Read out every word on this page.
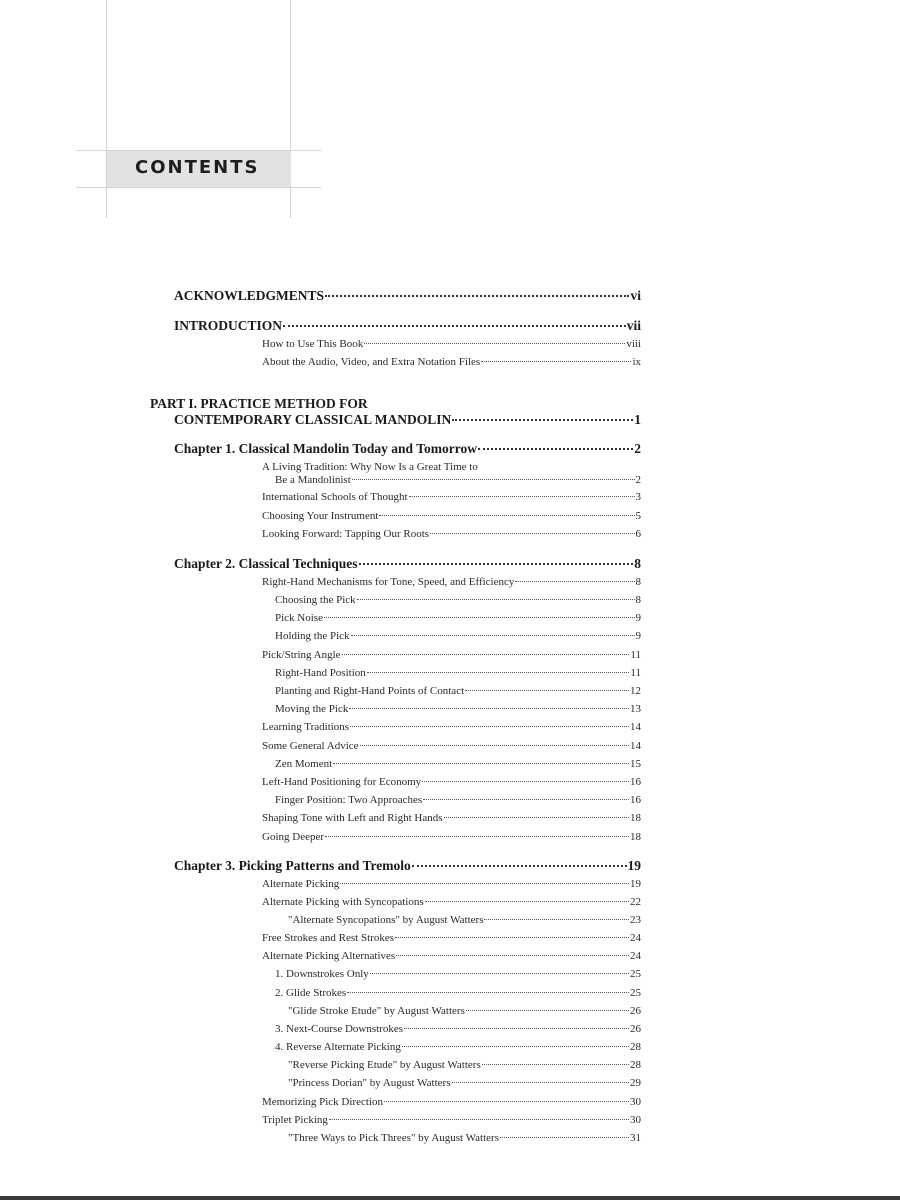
CONTENTS
ACKNOWLEDGMENTS	vi
INTRODUCTION	vii
How to Use This Book	viii
About the Audio, Video, and Extra Notation Files	ix
PART I. PRACTICE METHOD FOR
CONTEMPORARY CLASSICAL MANDOLIN	1
Chapter 1. Classical Mandolin Today and Tomorrow	2
A Living Tradition: Why Now Is a Great Time to
Be a Mandolinist	2
International Schools of Thought	3
Choosing Your Instrument	5
Looking Forward: Tapping Our Roots	6
Chapter 2. Classical Techniques	8
Right-Hand Mechanisms for Tone, Speed, and Efficiency	8
Choosing the Pick	8
Pick Noise	9
Holding the Pick	9
Pick/String Angle	11
Right-Hand Position	11
Planting and Right-Hand Points of Contact	12
Moving the Pick	13
Learning Traditions	14
Some General Advice	14
Zen Moment	15
Left-Hand Positioning for Economy	16
Finger Position: Two Approaches	16
Shaping Tone with Left and Right Hands	18
Going Deeper	18
Chapter 3. Picking Patterns and Tremolo	19
Alternate Picking	19
Alternate Picking with Syncopations	22
"Alternate Syncopations" by August Watters	23
Free Strokes and Rest Strokes	24
Alternate Picking Alternatives	24
1. Downstrokes Only	25
2. Glide Strokes	25
"Glide Stroke Etude" by August Watters	26
3. Next-Course Downstrokes	26
4. Reverse Alternate Picking	28
"Reverse Picking Etude" by August Watters	28
"Princess Dorian" by August Watters	29
Memorizing Pick Direction	30
Triplet Picking	30
"Three Ways to Pick Threes" by August Watters	31
